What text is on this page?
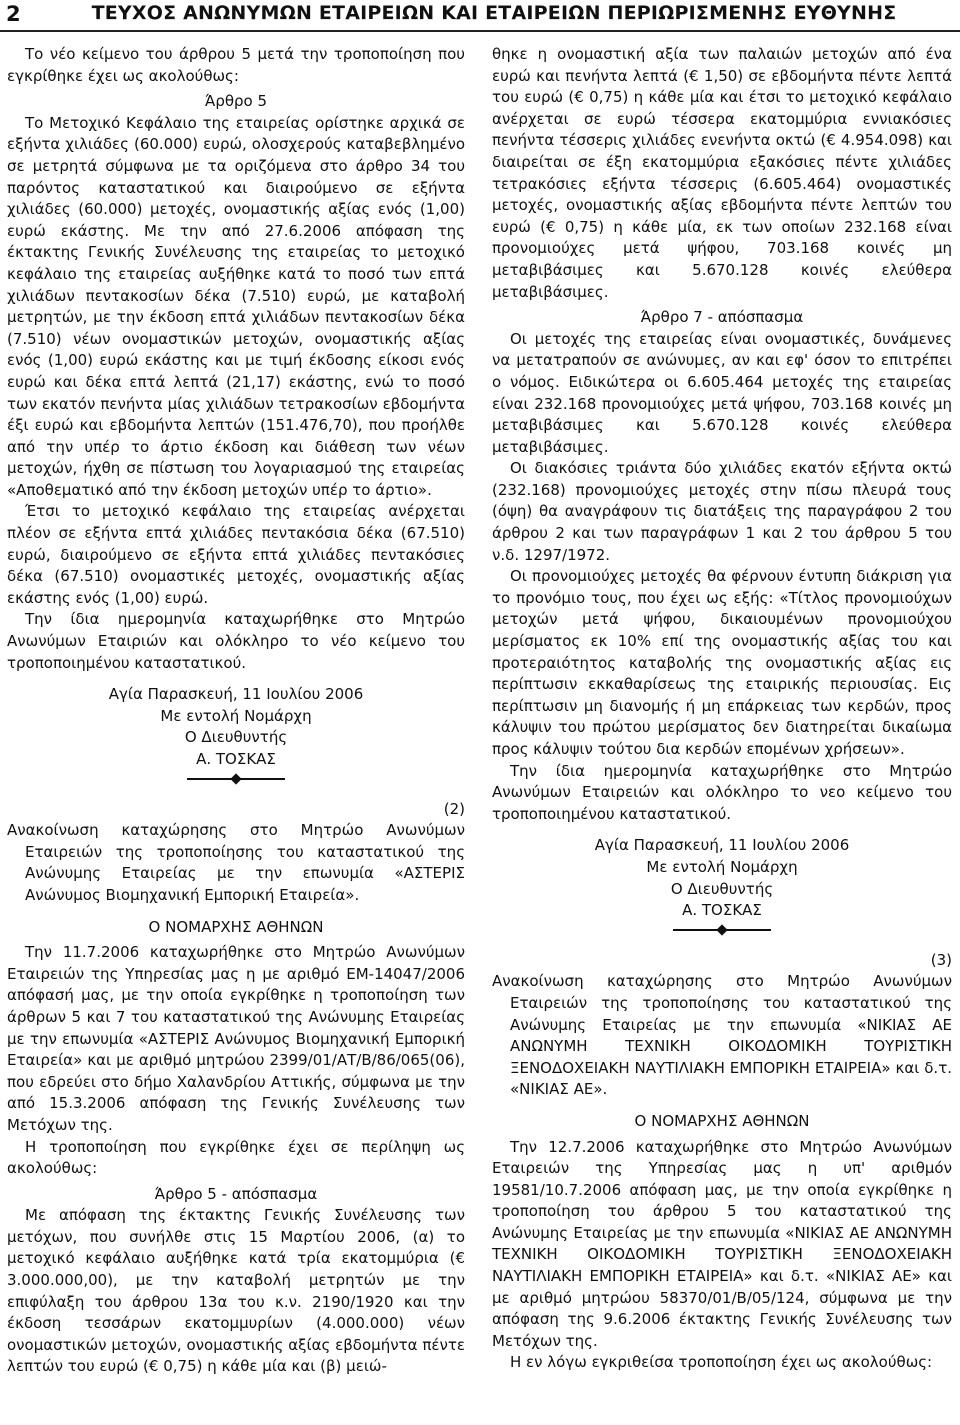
2	ΤΕΥΧΟΣ ΑΝΩΝΥΜΩΝ ΕΤΑΙΡΕΙΩΝ ΚΑΙ ΕΤΑΙΡΕΙΩΝ ΠΕΡΙΩΡΙΣΜΕΝΗΣ ΕΥΘΥΝΗΣ

Το νέο κείμενο του άρθρου 5 μετά την τροποποίηση που εγκρίθηκε έχει ως ακολούθως:

Άρθρο 5

Το Μετοχικό Κεφάλαιο της εταιρείας ορίστηκε αρχικά σε εξήντα χιλιάδες (60.000) ευρώ, ολοσχερούς καταβεβλημένο σε μετρητά σύμφωνα με τα οριζόμενα στο άρθρο 34 του παρόντος καταστατικού και διαιρούμενο σε εξήντα χιλιάδες (60.000) μετοχές, ονομαστικής αξίας ενός (1,00) ευρώ εκάστης. Με την από 27.6.2006 απόφαση της έκτακτης Γενικής Συνέλευσης της εταιρείας το μετοχικό κεφάλαιο της εταιρείας αυξήθηκε κατά το ποσό των επτά χιλιάδων πεντακοσίων δέκα (7.510) ευρώ, με καταβολή μετρητών, με την έκδοση επτά χιλιάδων πεντακοσίων δέκα (7.510) νέων ονομαστικών μετοχών, ονομαστικής αξίας ενός (1,00) ευρώ εκάστης και με τιμή έκδοσης είκοσι ενός ευρώ και δέκα επτά λεπτά (21,17) εκάστης, ενώ το ποσό των εκατόν πενήντα μίας χιλιάδων τετρακοσίων εβδομήντα έξι ευρώ και εβδομήντα λεπτών (151.476,70), που προήλθε από την υπέρ το άρτιο έκδοση και διάθεση των νέων μετοχών, ήχθη σε πίστωση του λογαριασμού της εταιρείας «Αποθεματικό από την έκδοση μετοχών υπέρ το άρτιο».

Έτσι το μετοχικό κεφάλαιο της εταιρείας ανέρχεται πλέον σε εξήντα επτά χιλιάδες πεντακόσια δέκα (67.510) ευρώ, διαιρούμενο σε εξήντα επτά χιλιάδες πεντακόσιες δέκα (67.510) ονομαστικές μετοχές, ονομαστικής αξίας εκάστης ενός (1,00) ευρώ.

Την ίδια ημερομηνία καταχωρήθηκε στο Μητρώο Ανωνύμων Εταιριών και ολόκληρο το νέο κείμενο του τροποποιημένου καταστατικού.

Αγία Παρασκευή, 11 Ιουλίου 2006

Με εντολή Νομάρχη

Ο Διευθυντής

Α. ΤΟΣΚΑΣ

(2)

Ανακοίνωση καταχώρησης στο Μητρώο Ανωνύμων Εταιρειών της τροποποίησης του καταστατικού της Ανώνυμης Εταιρείας με την επωνυμία «ΑΣΤΕΡΙΣ Ανώνυμος Βιομηχανική Εμπορική Εταιρεία».

Ο ΝΟΜΑΡΧΗΣ ΑΘΗΝΩΝ

Την 11.7.2006 καταχωρήθηκε στο Μητρώο Ανωνύμων Εταιρειών της Υπηρεσίας μας η με αριθμό ΕΜ-14047/2006 απόφασή μας, με την οποία εγκρίθηκε η τροποποίηση των άρθρων 5 και 7 του καταστατικού της Ανώνυμης Εταιρείας με την επωνυμία «ΑΣΤΕΡΙΣ Ανώνυμος Βιομηχανική Εμπορική Εταιρεία» και με αριθμό μητρώου 2399/01/ΑΤ/Β/86/065(06), που εδρεύει στο δήμο Χαλανδρίου Αττικής, σύμφωνα με την από 15.3.2006 απόφαση της Γενικής Συνέλευσης των Μετόχων της.

Η τροποποίηση που εγκρίθηκε έχει σε περίληψη ως ακολούθως:

Άρθρο 5 - απόσπασμα

Με απόφαση της έκτακτης Γενικής Συνέλευσης των μετόχων, που συνήλθε στις 15 Μαρτίου 2006, (α) το μετοχικό κεφάλαιο αυξήθηκε κατά τρία εκατομμύρια (€ 3.000.000,00), με την καταβολή μετρητών με την επιφύλαξη του άρθρου 13α του κ.ν. 2190/1920 και την έκδοση τεσσάρων εκατομμυρίων (4.000.000) νέων ονομαστικών μετοχών, ονομαστικής αξίας εβδομήντα πέντε λεπτών του ευρώ (€ 0,75) η κάθε μία και (β) μειώ-

θηκε η ονομαστική αξία των παλαιών μετοχών από ένα ευρώ και πενήντα λεπτά (€ 1,50) σε εβδομήντα πέντε λεπτά του ευρώ (€ 0,75) η κάθε μία και έτσι το μετοχικό κεφάλαιο ανέρχεται σε ευρώ τέσσερα εκατομμύρια εννιακόσιες πενήντα τέσσερις χιλιάδες ενενήντα οκτώ (€ 4.954.098) και διαιρείται σε έξη εκατομμύρια εξακόσιες πέντε χιλιάδες τετρακόσιες εξήντα τέσσερις (6.605.464) ονομαστικές μετοχές, ονομαστικής αξίας εβδομήντα πέντε λεπτών του ευρώ (€ 0,75) η κάθε μία, εκ των οποίων 232.168 είναι προνομιούχες μετά ψήφου, 703.168 κοινές μη μεταβιβάσιμες και 5.670.128 κοινές ελεύθερα μεταβιβάσιμες.

Άρθρο 7 - απόσπασμα

Οι μετοχές της εταιρείας είναι ονομαστικές, δυνάμενες να μετατραπούν σε ανώνυμες, αν και εφ' όσον το επιτρέπει ο νόμος. Ειδικώτερα οι 6.605.464 μετοχές της εταιρείας είναι 232.168 προνομιούχες μετά ψήφου, 703.168 κοινές μη μεταβιβάσιμες και 5.670.128 κοινές ελεύθερα μεταβιβάσιμες.

Οι διακόσιες τριάντα δύο χιλιάδες εκατόν εξήντα οκτώ (232.168) προνομιούχες μετοχές στην πίσω πλευρά τους (όψη) θα αναγράφουν τις διατάξεις της παραγράφου 2 του άρθρου 2 και των παραγράφων 1 και 2 του άρθρου 5 του ν.δ. 1297/1972.

Οι προνομιούχες μετοχές θα φέρνουν έντυπη διάκριση για το προνόμιο τους, που έχει ως εξής: «Τίτλος προνομιούχων μετοχών μετά ψήφου, δικαιουμένων προνομιούχου μερίσματος εκ 10% επί της ονομαστικής αξίας του και προτεραιότητος καταβολής της ονομαστικής αξίας εις περίπτωσιν εκκαθαρίσεως της εταιρικής περιουσίας. Εις περίπτωσιν μη διανομής ή μη επάρκειας των κερδών, προς κάλυψιν του πρώτου μερίσματος δεν διατηρείται δικαίωμα προς κάλυψιν τούτου δια κερδών επομένων χρήσεων».

Την ίδια ημερομηνία καταχωρήθηκε στο Μητρώο Ανωνύμων Εταιρειών και ολόκληρο το νεο κείμενο του τροποποιημένου καταστατικού.

Αγία Παρασκευή, 11 Ιουλίου 2006

Με εντολή Νομάρχη

Ο Διευθυντής

Α. ΤΟΣΚΑΣ

(3)

Ανακοίνωση καταχώρησης στο Μητρώο Ανωνύμων Εταιρειών της τροποποίησης του καταστατικού της Ανώνυμης Εταιρείας με την επωνυμία «ΝΙΚΙΑΣ ΑΕ ΑΝΩΝΥΜΗ ΤΕΧΝΙΚΗ ΟΙΚΟΔΟΜΙΚΗ ΤΟΥΡΙΣΤΙΚΗ ΞΕΝΟΔΟΧΕΙΑΚΗ ΝΑΥΤΙΛΙΑΚΗ ΕΜΠΟΡΙΚΗ ΕΤΑΙΡΕΙΑ» και δ.τ. «ΝΙΚΙΑΣ ΑΕ».

Ο ΝΟΜΑΡΧΗΣ ΑΘΗΝΩΝ

Την 12.7.2006 καταχωρήθηκε στο Μητρώο Ανωνύμων Εταιρειών της Υπηρεσίας μας η υπ' αριθμόν 19581/10.7.2006 απόφαση μας, με την οποία εγκρίθηκε η τροποποίηση του άρθρου 5 του καταστατικού της Ανώνυμης Εταιρείας με την επωνυμία «ΝΙΚΙΑΣ ΑΕ ΑΝΩΝΥΜΗ ΤΕΧΝΙΚΗ ΟΙΚΟΔΟΜΙΚΗ ΤΟΥΡΙΣΤΙΚΗ ΞΕΝΟΔΟΧΕΙΑΚΗ ΝΑΥΤΙΛΙΑΚΗ ΕΜΠΟΡΙΚΗ ΕΤΑΙΡΕΙΑ» και δ.τ. «ΝΙΚΙΑΣ ΑΕ» και με αριθμό μητρώου 58370/01/Β/05/124, σύμφωνα με την απόφαση της 9.6.2006 έκτακτης Γενικής Συνέλευσης των Μετόχων της.

Η εν λόγω εγκριθείσα τροποποίηση έχει ως ακολούθως:
